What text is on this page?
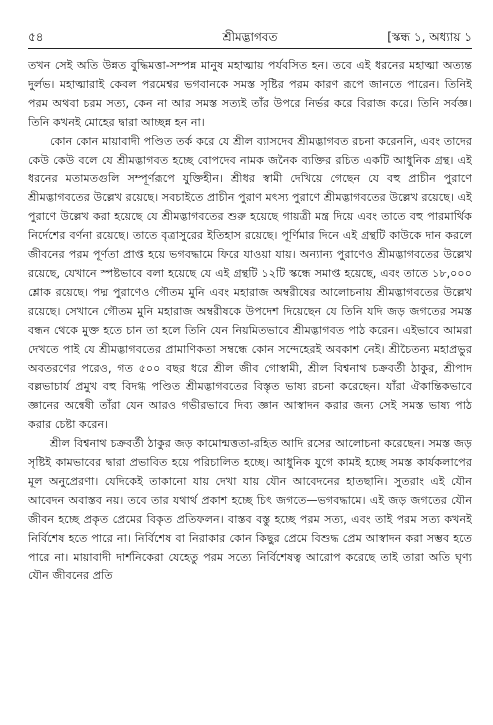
৫৪	শ্রীমদ্ভাগবত	[স্কন্ধ ১, অধ্যায় ১

তখন সেই অতি উন্নত বুদ্ধিমত্তা-সম্পন্ন মানুষ মহাত্মায় পর্যবসিত হন। তবে এই ধরনের মহাত্মা অত্যন্ত দুর্লভ। মহাত্মারাই কেবল পরমেশ্বর ভগবানকে সমস্ত সৃষ্টির পরম কারণ রূপে জানতে পারেন। তিনিই পরম অথবা চরম সত্য, কেন না আর সমস্ত সত্যই তাঁর উপরে নির্ভর করে বিরাজ করে। তিনি সর্বজ্ঞ। তিনি কখনই মোহের দ্বারা আচ্ছন্ন হন না।

কোন কোন মায়াবাদী পণ্ডিত তর্ক করে যে শ্রীল ব্যাসদেব শ্রীমদ্ভাগবত রচনা করেননি, এবং তাদের কেউ কেউ বলে যে শ্রীমদ্ভাগবত হচ্ছে বোপদেব নামক জনৈক ব্যক্তির রচিত একটি আধুনিক গ্রন্থ। এই ধরনের মতামতগুলি সম্পূর্ণরূপে যুক্তিহীন। শ্রীধর স্বামী দেখিয়ে গেছেন যে বহু প্রাচীন পুরাণে শ্রীমদ্ভাগবতের উল্লেখ রয়েছে। সবচাইতে প্রাচীন পুরাণ মৎস্য পুরাণে শ্রীমদ্ভাগবতের উল্লেখ রয়েছে। এই পুরাণে উল্লেখ করা হয়েছে যে শ্রীমদ্ভাগবতের শুরু হয়েছে গায়ত্রী মন্ত্র দিয়ে এবং তাতে বহু পারমার্থিক নির্দেশের বর্ণনা রয়েছে। তাতে বৃত্রাসুরের ইতিহাস রয়েছে। পূর্ণিমার দিনে এই গ্রন্থটি কাউকে দান করলে জীবনের পরম পূর্ণতা প্রাপ্ত হয়ে ভগবদ্ধামে ফিরে যাওয়া যায়। অন্যান্য পুরাণেও শ্রীমদ্ভাগবতের উল্লেখ রয়েছে, যেখানে স্পষ্টভাবে বলা হয়েছে যে এই গ্রন্থটি ১২টি স্কন্ধে সমাপ্ত হয়েছে, এবং তাতে ১৮,০০০ শ্লোক রয়েছে। পদ্ম পুরাণেও গৌতম মুনি এবং মহারাজ অম্বরীষের আলোচনায় শ্রীমদ্ভাগবতের উল্লেখ রয়েছে। সেখানে গৌতম মুনি মহারাজ অম্বরীষকে উপদেশ দিয়েছেন যে তিনি যদি জড় জগতের সমস্ত বন্ধন থেকে মুক্ত হতে চান তা হলে তিনি যেন নিয়মিতভাবে শ্রীমদ্ভাগবত পাঠ করেন। এইভাবে আমরা দেখতে পাই যে শ্রীমদ্ভাগবতের প্রামাণিকতা সম্বন্ধে কোন সন্দেহেরই অবকাশ নেই। শ্রীচৈতন্য মহাপ্রভুর অবতরণের পরেও, গত ৫০০ বছর ধরে শ্রীল জীব গোস্বামী, শ্রীল বিশ্বনাথ চক্রবর্তী ঠাকুর, শ্রীপাদ বল্লভাচার্য প্রমুখ বহু বিদগ্ধ পণ্ডিত শ্রীমদ্ভাগবতের বিস্তৃত ভাষ্য রচনা করেছেন। যাঁরা ঐকান্তিকভাবে জ্ঞানের অন্বেষী তাঁরা যেন আরও গভীরভাবে দিব্য জ্ঞান আস্বাদন করার জন্য সেই সমস্ত ভাষ্য পাঠ করার চেষ্টা করেন।

শ্রীল বিশ্বনাথ চক্রবর্তী ঠাকুর জড় কামোন্মত্ততা-রহিত আদি রসের আলোচনা করেছেন। সমস্ত জড় সৃষ্টিই কামভাবের দ্বারা প্রভাবিত হয়ে পরিচালিত হচ্ছে। আধুনিক যুগে কামই হচ্ছে সমস্ত কার্যকলাপের মূল অনুপ্রেরণা। যেদিকেই তাকানো যায় দেখা যায় যৌন আবেদনের হাতছানি। সুতরাং এই যৌন আবেদন অবাস্তব নয়। তবে তার যথার্থ প্রকাশ হচ্ছে চিৎ জগতে—ভগবদ্ধামে। এই জড় জগতের যৌন জীবন হচ্ছে প্রকৃত প্রেমের বিকৃত প্রতিফলন। বাস্তব বস্তু হচ্ছে পরম সত্য, এবং তাই পরম সত্য কখনই নির্বিশেষ হতে পারে না। নির্বিশেষ বা নিরাকার কোন কিছুর প্রেমে বিশুদ্ধ প্রেম আস্বাদন করা সম্ভব হতে পারে না। মায়াবাদী দার্শনিকেরা যেহেতু পরম সত্যে নির্বিশেষত্ব আরোপ করেছে তাই তারা অতি ঘৃণ্য যৌন জীবনের প্রতি
